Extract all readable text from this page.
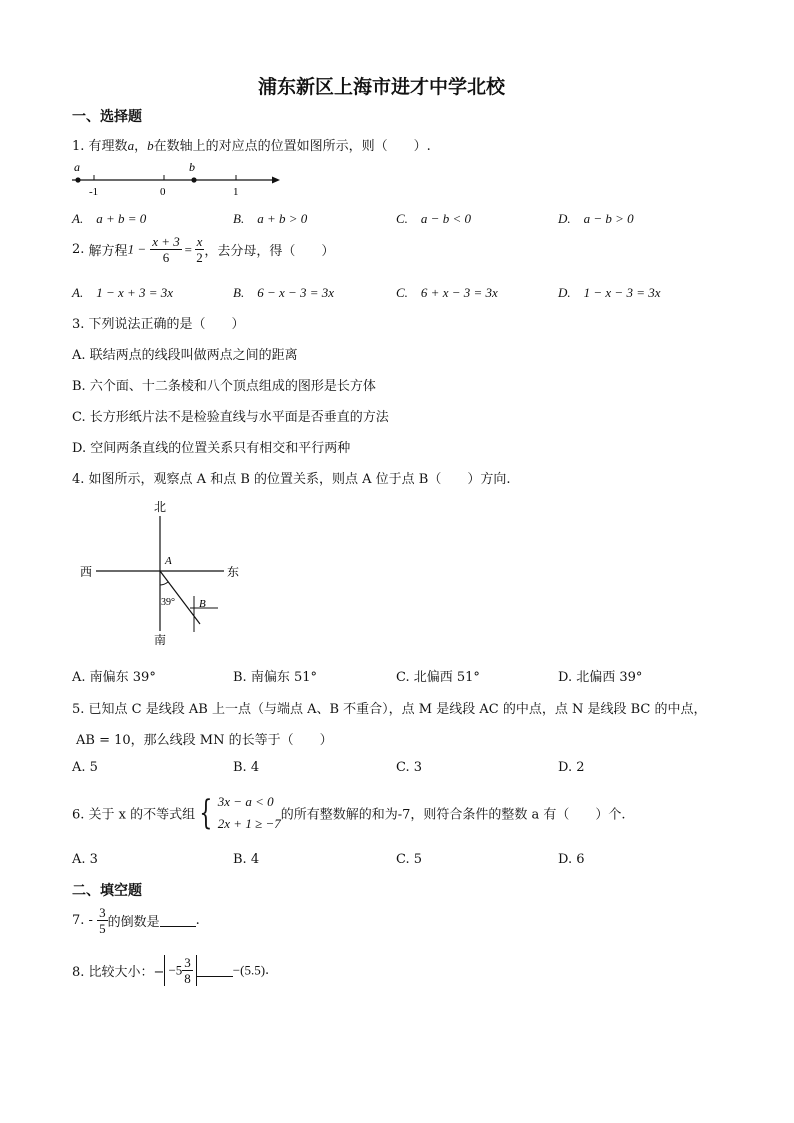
浦东新区上海市进才中学北校
一、选择题
1. 有理数a，b在数轴上的对应点的位置如图所示，则（　　）.
a	b
-1	0	1
A.　a + b = 0	B.　a + b > 0	C.　a − b < 0	D.　a − b > 0
2. 解方程$1 - \frac{x + 3}{6} = \frac{x}{2}$ ，去分母，得（　　）
A.　1 − x + 3 = 3x	B.　6 − x − 3 = 3x	C.　6 + x − 3 = 3x	D.　1 − x − 3 = 3x
3. 下列说法正确的是（　　）
A. 联结两点的线段叫做两点之间的距离
B. 六个面、十二条棱和八个顶点组成的图形是长方体
C. 长方形纸片法不是检验直线与水平面是否垂直的方法
D. 空间两条直线的位置关系只有相交和平行两种
4. 如图所示，观察点 A 和点 B 的位置关系，则点 A 位于点 B（　　）方向.
北
南
西	东
A
B
39°
A. 南偏东 39°	B. 南偏东 51°	C. 北偏西 51°	D. 北偏西 39°
5. 已知点 C 是线段 AB 上一点（与端点 A、B 不重合），点 M 是线段 AC 的中点，点 N 是线段 BC 的中点，
AB = 10，那么线段 MN 的长等于（　　）
A. 5	B. 4	C. 3	D. 2
6. 关于 x 的不等式组 { 3x − a < 0
2x + 1 ≥ −7
的所有整数解的和为-7，则符合条件的整数 a 有（　　）个.
A. 3	B. 4	C. 5	D. 6
二、填空题
7. - $\frac{3}{5}$ 的倒数是	.
8. 比较大小：− $-5 \frac{3}{8}$	−(5.5).
